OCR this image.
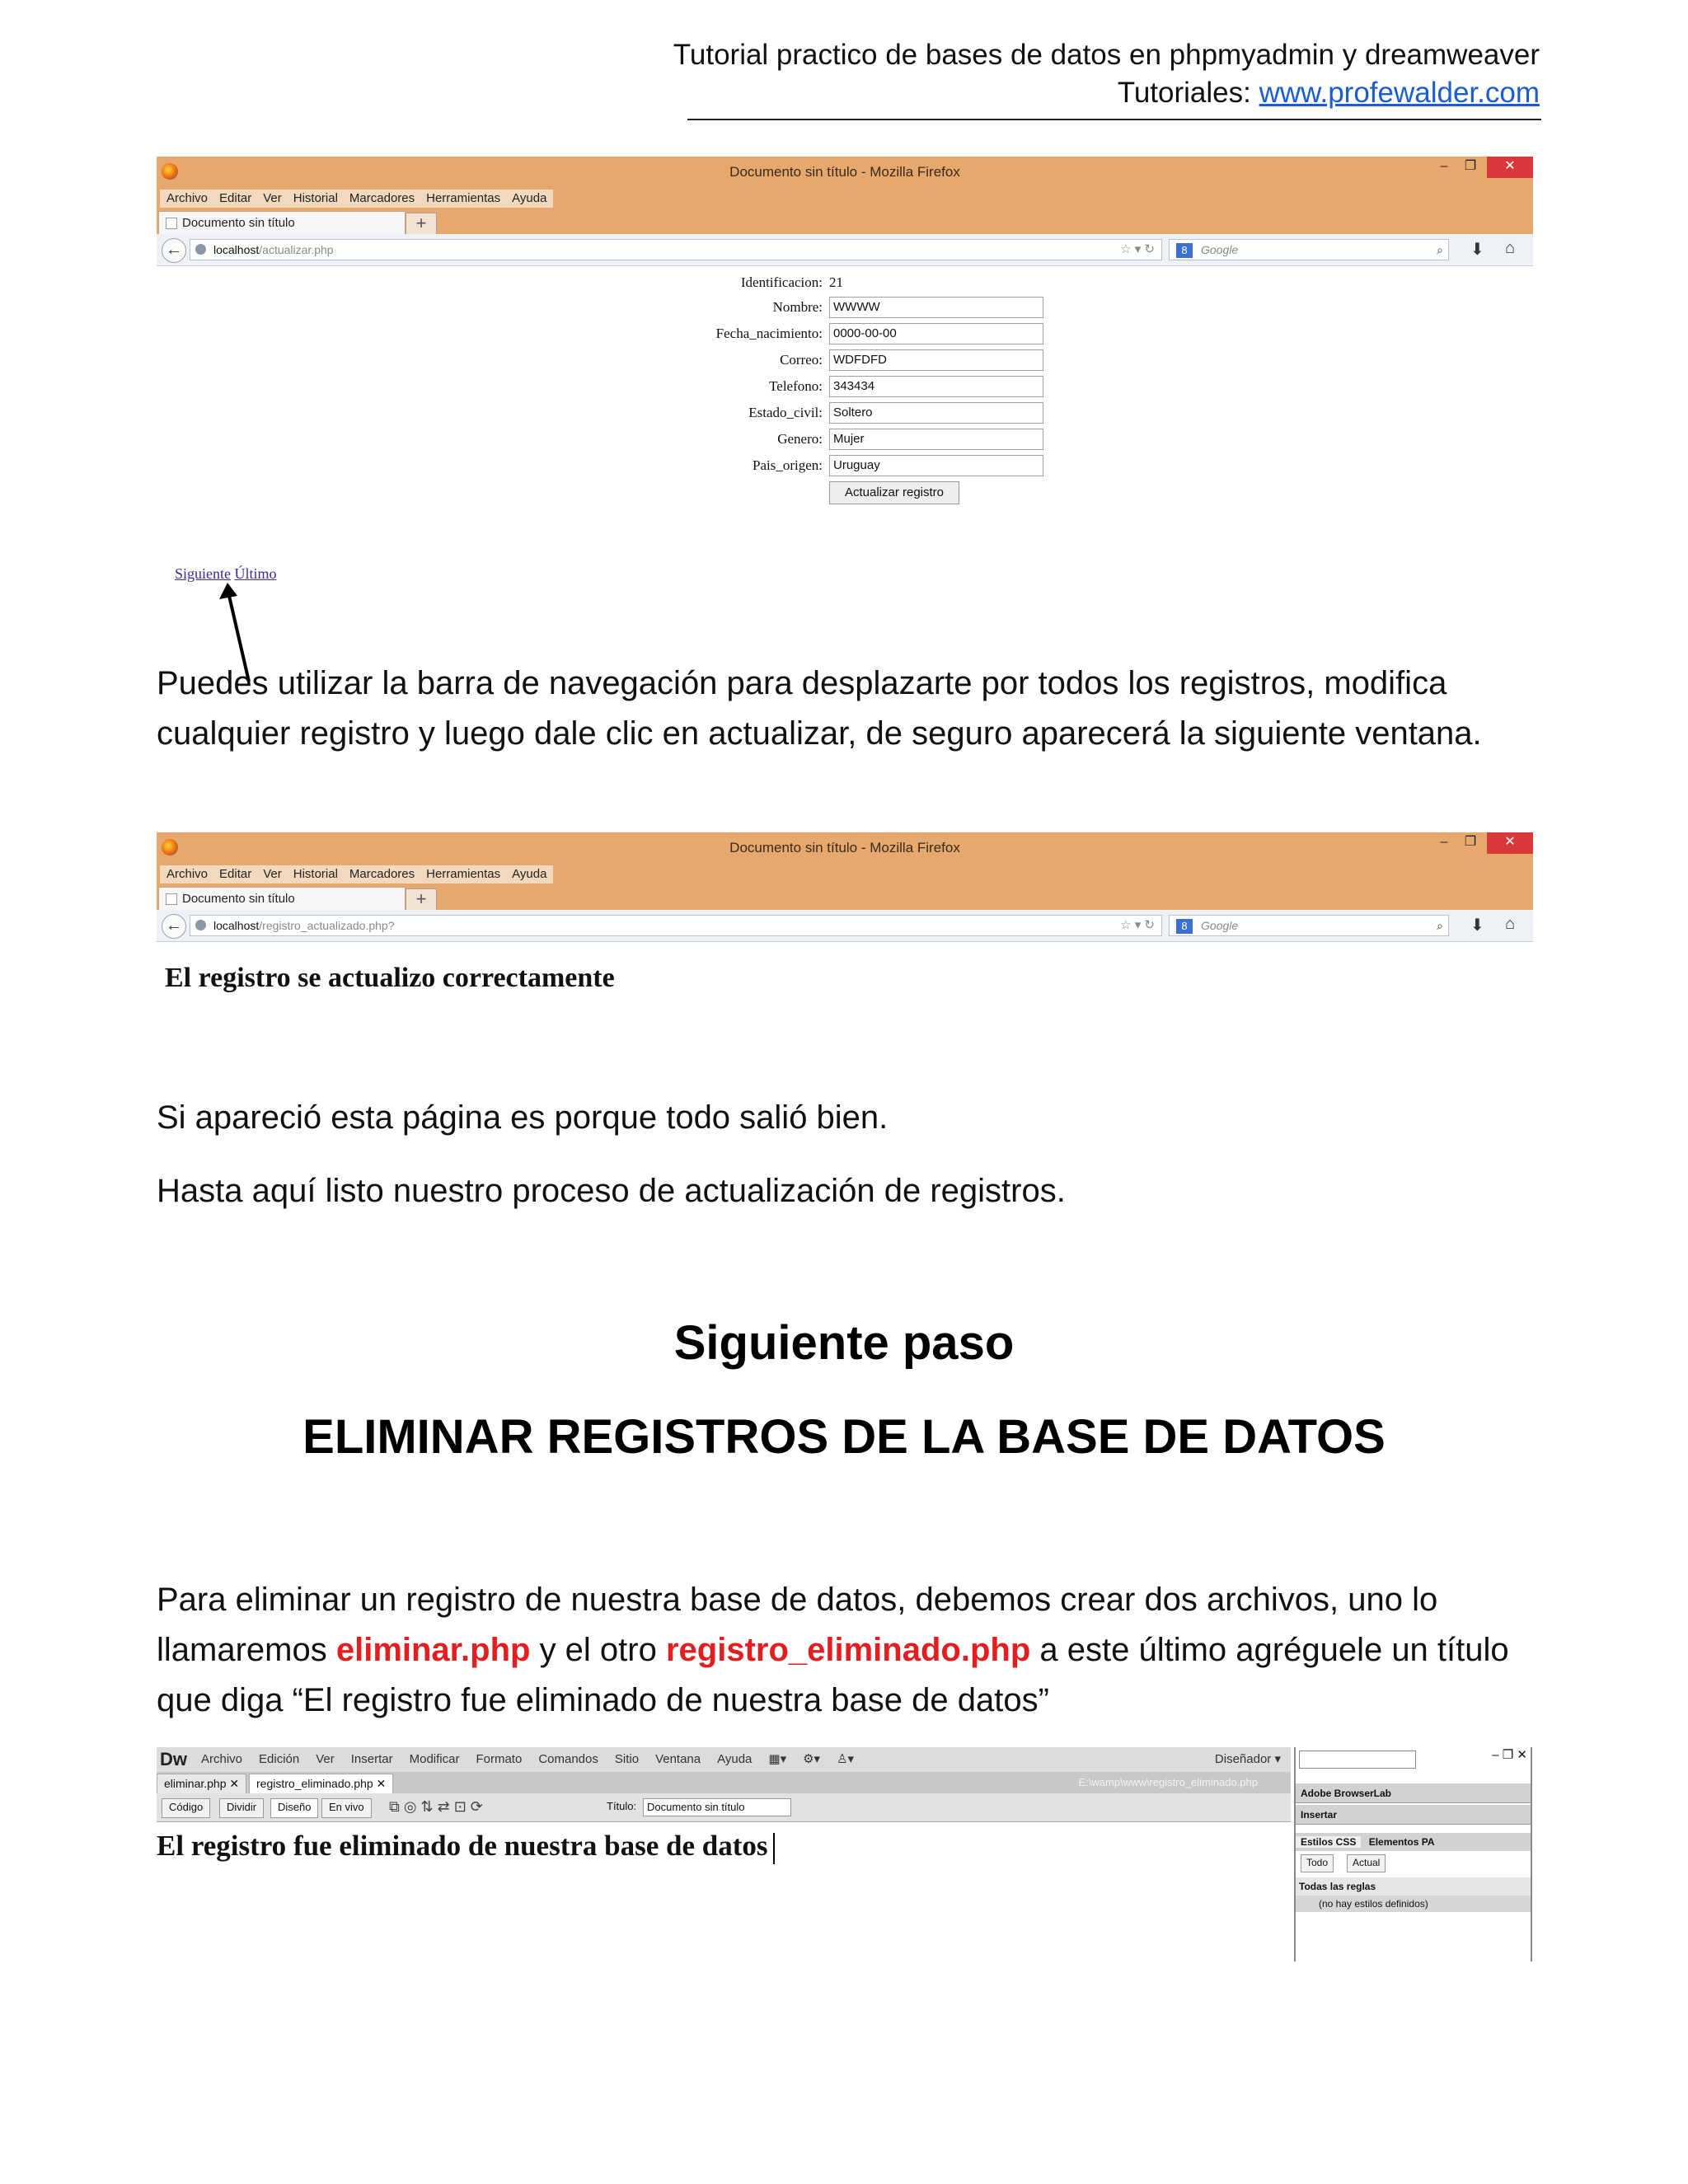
Tutorial practico de bases de datos en phpmyadmin y dreamweaver
Tutoriales: www.profewalder.com
Documento sin título - Mozilla Firefox	–	❐	✕
Archivo Editar Ver Historial Marcadores Herramientas Ayuda
Documento sin título	+
←	localhost/actualizar.php	☆ ▾ ↻	8 Google	⌕ ⬇ ⌂
Identificacion: 21
Nombre: WWWW
Fecha_nacimiento: 0000-00-00
Correo: WDFDFD
Telefono: 343434
Estado_civil: Soltero
Genero: Mujer
Pais_origen: Uruguay
Actualizar registro
Siguiente Último
Puedes utilizar la barra de navegación para desplazarte por todos los registros, modifica cualquier registro y luego dale clic en actualizar, de seguro aparecerá la siguiente ventana.
Documento sin título - Mozilla Firefox	–	❐	✕
Archivo Editar Ver Historial Marcadores Herramientas Ayuda
Documento sin título	+
←	localhost/registro_actualizado.php?	☆ ▾ ↻	8 Google	⌕ ⬇ ⌂
El registro se actualizo correctamente
Si apareció esta página es porque todo salió bien.
Hasta aquí listo nuestro proceso de actualización de registros.
Siguiente paso
ELIMINAR REGISTROS DE LA BASE DE DATOS
Para eliminar un registro de nuestra base de datos, debemos crear dos archivos, uno lo llamaremos eliminar.php y el otro registro_eliminado.php a este último agréguele un título que diga “El registro fue eliminado de nuestra base de datos”
Dw Archivo Edición Ver Insertar Modificar Formato Comandos Sitio Ventana Ayuda ▦▾ ⚙▾ ♙▾	Diseñador ▾
eliminar.php ✕	registro_eliminado.php ✕	E:\wamp\www\registro_eliminado.php
Código	Dividir	Diseño	En vivo	⧉ ◎ ⇅ ⇄ ⊡ ⟳	Título: Documento sin título
El registro fue eliminado de nuestra base de datos
– ❐ ✕
Adobe BrowserLab
Insertar
Estilos CSS Elementos PA
Todo	Actual
Todas las reglas
(no hay estilos definidos)
